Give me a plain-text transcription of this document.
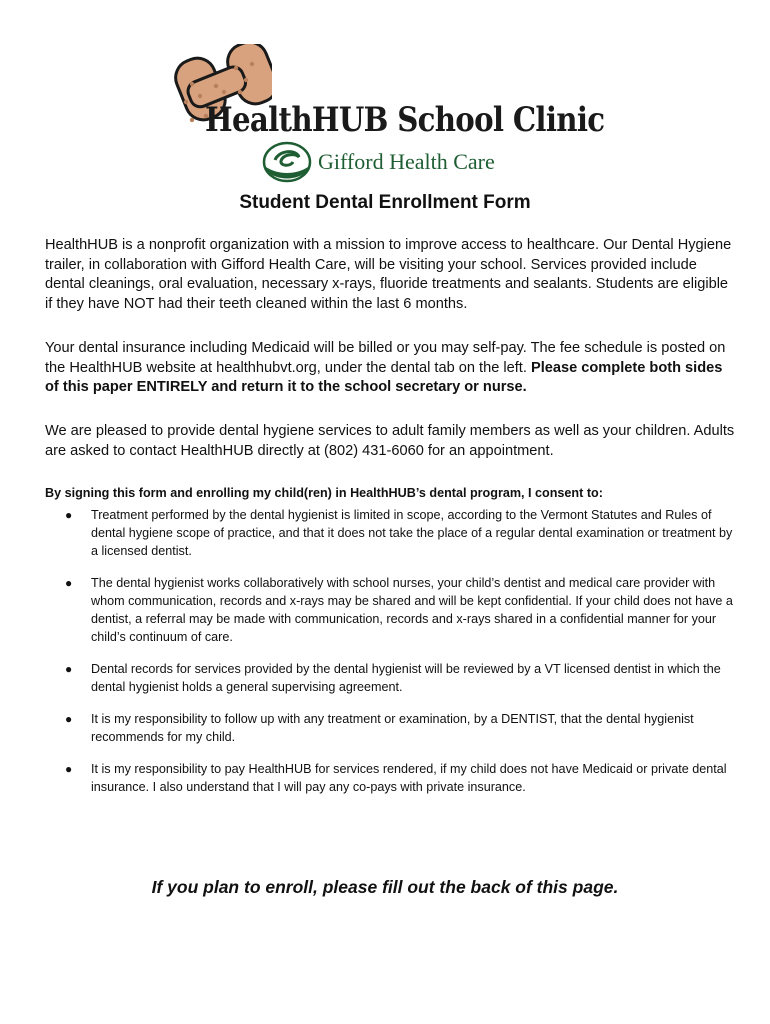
HealthHUB School Clinic
Gifford Health Care
Student Dental Enrollment Form

HealthHUB is a nonprofit organization with a mission to improve access to healthcare. Our Dental Hygiene trailer, in collaboration with Gifford Health Care, will be visiting your school. Services provided include dental cleanings, oral evaluation, necessary x-rays, fluoride treatments and sealants. Students are eligible if they have NOT had their teeth cleaned within the last 6 months.

Your dental insurance including Medicaid will be billed or you may self-pay. The fee schedule is posted on the HealthHUB website at healthhubvt.org, under the dental tab on the left. Please complete both sides of this paper ENTIRELY and return it to the school secretary or nurse.

We are pleased to provide dental hygiene services to adult family members as well as your children. Adults are asked to contact HealthHUB directly at (802) 431-6060 for an appointment.

By signing this form and enrolling my child(ren) in HealthHUB’s dental program, I consent to:
● Treatment performed by the dental hygienist is limited in scope, according to the Vermont Statutes and Rules of dental hygiene scope of practice, and that it does not take the place of a regular dental examination or treatment by a licensed dentist.
● The dental hygienist works collaboratively with school nurses, your child’s dentist and medical care provider with whom communication, records and x-rays may be shared and will be kept confidential. If your child does not have a dentist, a referral may be made with communication, records and x-rays shared in a confidential manner for your child’s continuum of care.
● Dental records for services provided by the dental hygienist will be reviewed by a VT licensed dentist in which the dental hygienist holds a general supervising agreement.
● It is my responsibility to follow up with any treatment or examination, by a DENTIST, that the dental hygienist recommends for my child.
● It is my responsibility to pay HealthHUB for services rendered, if my child does not have Medicaid or private dental insurance. I also understand that I will pay any co-pays with private insurance.
If you plan to enroll, please fill out the back of this page.
